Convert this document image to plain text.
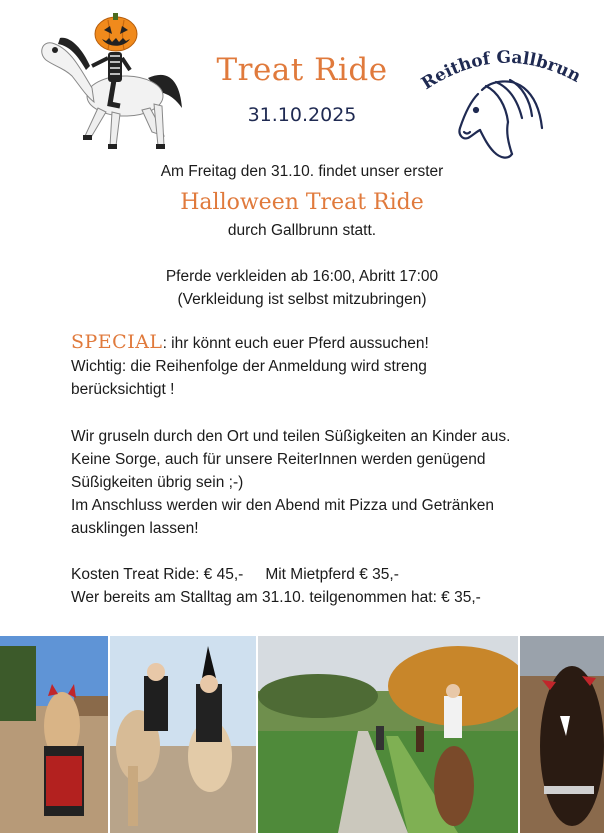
Treat Ride
31.10.2025
Reithof Gallbru
Am Freitag den 31.10. findet unser erster
Halloween Treat Ride
durch Gallbrunn statt.
Pferde verkleiden ab 16:00, Abritt 17:00
(Verkleidung ist selbst mitzubringen)
SPECIAL: ihr könnt euch euer Pferd aussuchen!
Wichtig: die Reihenfolge der Anmeldung wird streng berücksichtigt !
Wir gruseln durch den Ort und teilen Süßigkeiten an Kinder aus.
Keine Sorge, auch für unsere ReiterInnen werden genügend Süßigkeiten übrig sein ;-)
Im Anschluss werden wir den Abend mit Pizza und Getränken ausklingen lassen!
Kosten Treat Ride: € 45,- Mit Mietpferd € 35,-
Wer bereits am Stalltag am 31.10. teilgenommen hat: € 35,-
